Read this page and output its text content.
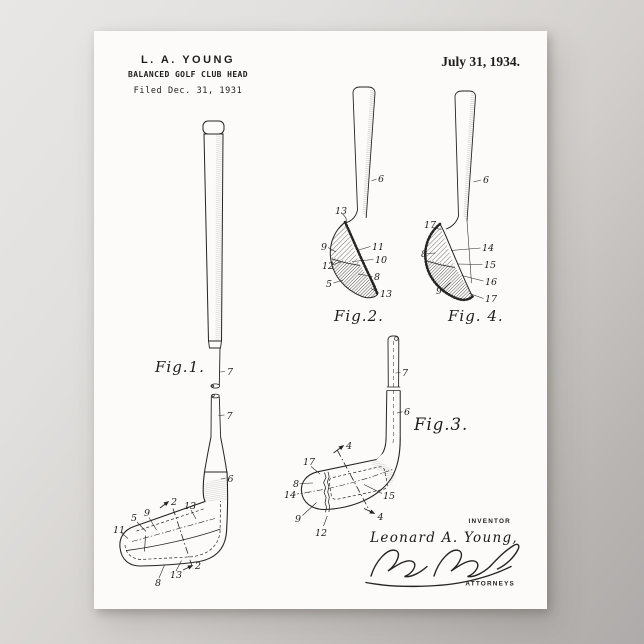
L. A. YOUNG
BALANCED GOLF CLUB HEAD
Filed Dec. 31, 1931
July 31, 1934.
Fig.1. 7
7
6
2 13
9
5
11
8
13
2
6
13
9
12
5
11
10
8
13
Fig.2.
6
17
8
14
15
16
9
17
Fig. 4.
7
6
Fig.3.
4
17
8
14
9
12
15
4	INVENTOR
Leonard A. Young,
ATTORNEYS
